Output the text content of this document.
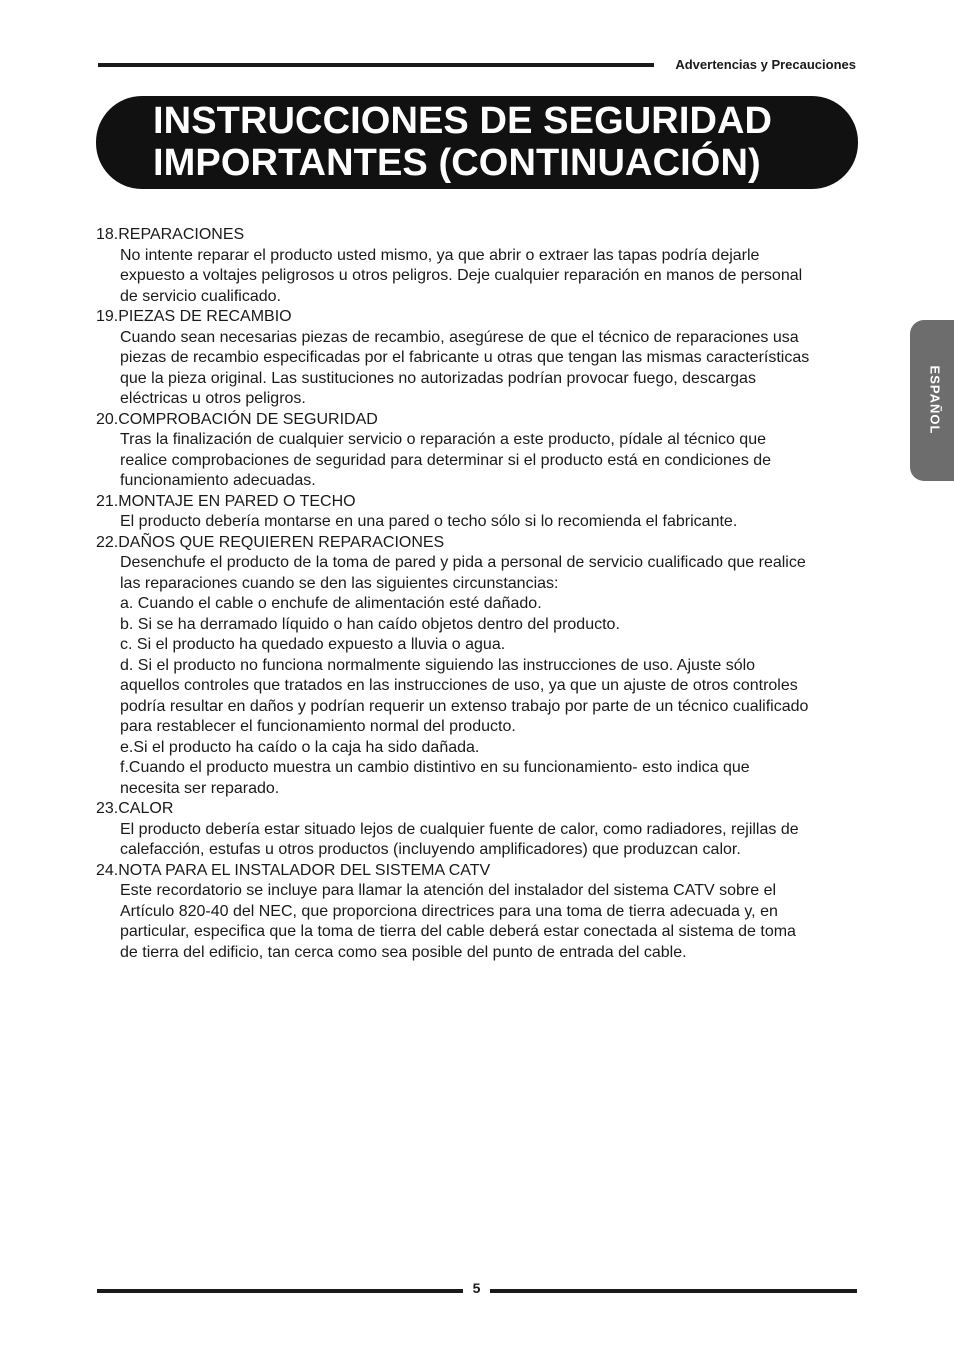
Advertencias y Precauciones
INSTRUCCIONES DE SEGURIDAD
IMPORTANTES (CONTINUACIÓN)
ESPAÑOL
18.REPARACIONES

No intente reparar el producto usted mismo, ya que abrir o extraer las tapas podría dejarle

expuesto a voltajes peligrosos u otros peligros. Deje cualquier reparación en manos de personal

de servicio cualificado.

19.PIEZAS DE RECAMBIO

Cuando sean necesarias piezas de recambio, asegúrese de que el técnico de reparaciones usa

piezas de recambio especificadas por el fabricante u otras que tengan las mismas características

que la pieza original. Las sustituciones no autorizadas podrían provocar fuego, descargas

eléctricas u otros peligros.

20.COMPROBACIÓN DE SEGURIDAD

Tras la finalización de cualquier servicio o reparación a este producto, pídale al técnico que

realice comprobaciones de seguridad para determinar si el producto está en condiciones de

funcionamiento adecuadas.

21.MONTAJE EN PARED O TECHO

El producto debería montarse en una pared o techo sólo si lo recomienda el fabricante.

22.DAÑOS QUE REQUIEREN REPARACIONES

Desenchufe el producto de la toma de pared y pida a personal de servicio cualificado que realice

las reparaciones cuando se den las siguientes circunstancias:

a. Cuando el cable o enchufe de alimentación esté dañado.

b. Si se ha derramado líquido o han caído objetos dentro del producto.

c. Si el producto ha quedado expuesto a lluvia o agua.

d. Si el producto no funciona normalmente siguiendo las instrucciones de uso. Ajuste sólo

aquellos controles que tratados en las instrucciones de uso, ya que un ajuste de otros controles

podría resultar en daños y podrían requerir un extenso trabajo por parte de un técnico cualificado

para restablecer el funcionamiento normal del producto.

e.Si el producto ha caído o la caja ha sido dañada.

f.Cuando el producto muestra un cambio distintivo en su funcionamiento- esto indica que

necesita ser reparado.

23.CALOR

El producto debería estar situado lejos de cualquier fuente de calor, como radiadores, rejillas de

calefacción, estufas u otros productos (incluyendo amplificadores) que produzcan calor.

24.NOTA PARA EL INSTALADOR DEL SISTEMA CATV

Este recordatorio se incluye para llamar la atención del instalador del sistema CATV sobre el

Artículo 820-40 del NEC, que proporciona directrices para una toma de tierra adecuada y, en

particular, especifica que la toma de tierra del cable deberá estar conectada al sistema de toma

de tierra del edificio, tan cerca como sea posible del punto de entrada del cable.

5
